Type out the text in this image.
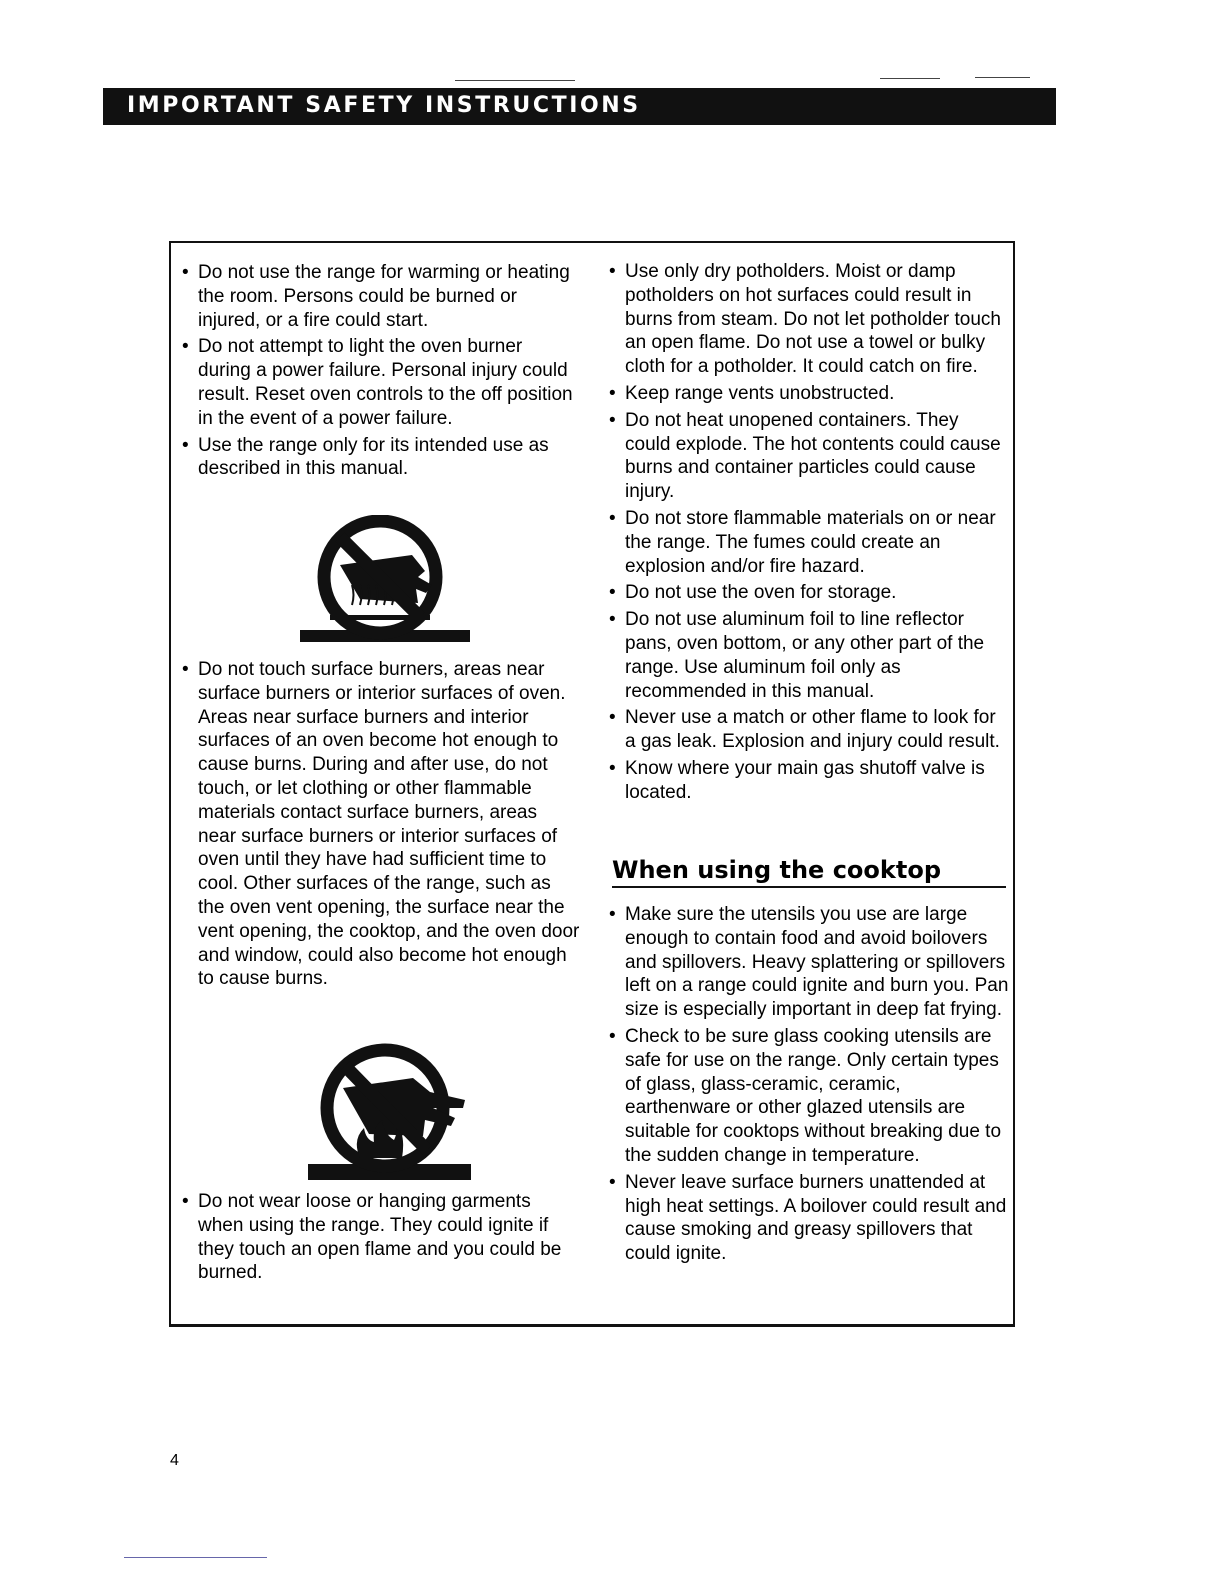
IMPORTANT SAFETY INSTRUCTIONS
• Do not use the range for warming or heating the room. Persons could be burned or injured, or a fire could start.
• Do not attempt to light the oven burner during a power failure. Personal injury could result. Reset oven controls to the off position in the event of a power failure.
• Use the range only for its intended use as described in this manual.
• Do not touch surface burners, areas near surface burners or interior surfaces of oven. Areas near surface burners and interior surfaces of an oven become hot enough to cause burns. During and after use, do not touch, or let clothing or other flammable materials contact surface burners, areas near surface burners or interior surfaces of oven until they have had sufficient time to cool. Other surfaces of the range, such as the oven vent opening, the surface near the vent opening, the cooktop, and the oven door and window, could also become hot enough to cause burns.
• Do not wear loose or hanging garments when using the range. They could ignite if they touch an open flame and you could be burned.
• Use only dry potholders. Moist or damp potholders on hot surfaces could result in burns from steam. Do not let potholder touch an open flame. Do not use a towel or bulky cloth for a potholder. It could catch on fire.
• Keep range vents unobstructed.
• Do not heat unopened containers. They could explode. The hot contents could cause burns and container particles could cause injury.
• Do not store flammable materials on or near the range. The fumes could create an explosion and/or fire hazard.
• Do not use the oven for storage.
• Do not use aluminum foil to line reflector pans, oven bottom, or any other part of the range. Use aluminum foil only as recommended in this manual.
• Never use a match or other flame to look for a gas leak. Explosion and injury could result.
• Know where your main gas shutoff valve is located.
When using the cooktop
• Make sure the utensils you use are large enough to contain food and avoid boilovers and spillovers. Heavy splattering or spillovers left on a range could ignite and burn you. Pan size is especially important in deep fat frying.
• Check to be sure glass cooking utensils are safe for use on the range. Only certain types of glass, glass-ceramic, ceramic, earthenware or other glazed utensils are suitable for cooktops without breaking due to the sudden change in temperature.
• Never leave surface burners unattended at high heat settings. A boilover could result and cause smoking and greasy spillovers that could ignite.
4
